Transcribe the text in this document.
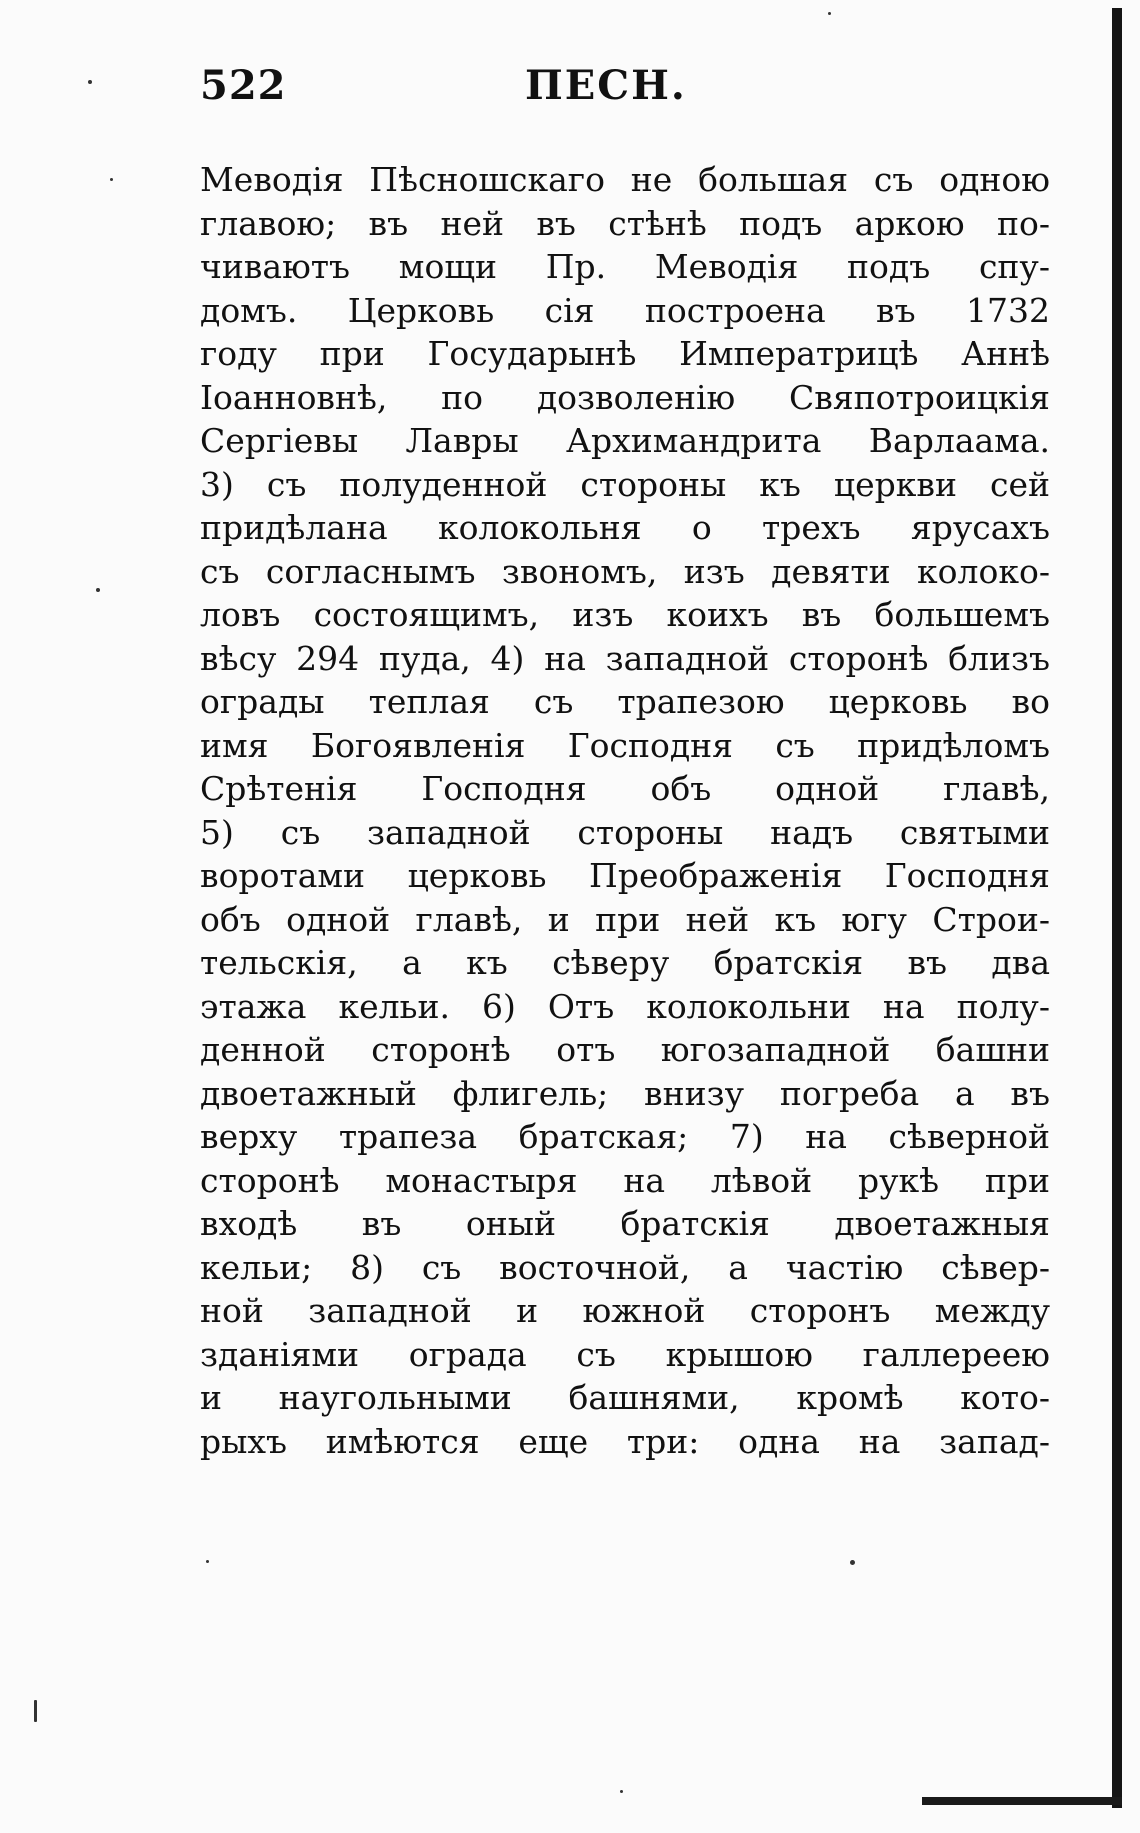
522	ПЕСН.
Меводія Пѣсношскаго не большая съ одною
главою; въ ней въ стѣнѣ подъ аркою по-
чиваютъ мощи Пр. Меводія подъ спу-
домъ. Церковь сія построена въ 1732
году при Государынѣ Императрицѣ Аннѣ
Іоанновнѣ, по дозволенію Свяпотроицкія
Сергіевы Лавры Архимандрита Варлаама.
3) съ полуденной стороны къ церкви сей
придѣлана колокольня о трехъ ярусахъ
съ согласнымъ звономъ, изъ девяти колоко-
ловъ состоящимъ, изъ коихъ въ большемъ
вѣсу 294 пуда, 4) на западной сторонѣ близъ
ограды теплая съ трапезою церковь во
имя Богоявленія Господня съ придѣломъ
Срѣтенія Господня объ одной главѣ,
5) съ западной стороны надъ святыми
воротами церковь Преображенія Господня
объ одной главѣ, и при ней къ югу Строи-
тельскія, а къ сѣверу братскія въ два
этажа кельи. 6) Отъ колокольни на полу-
денной сторонѣ отъ югозападной башни
двоетажный флигель; внизу погреба а въ
верху трапеза братская; 7) на сѣверной
сторонѣ монастыря на лѣвой рукѣ при
входѣ въ оный братскія двоетажныя
кельи; 8) съ восточной, а частію сѣвер-
ной западной и южной сторонъ между
зданіями ограда съ крышою галлереею
и наугольными башнями, кромѣ кото-
рыхъ имѣются еще три: одна на запад-
